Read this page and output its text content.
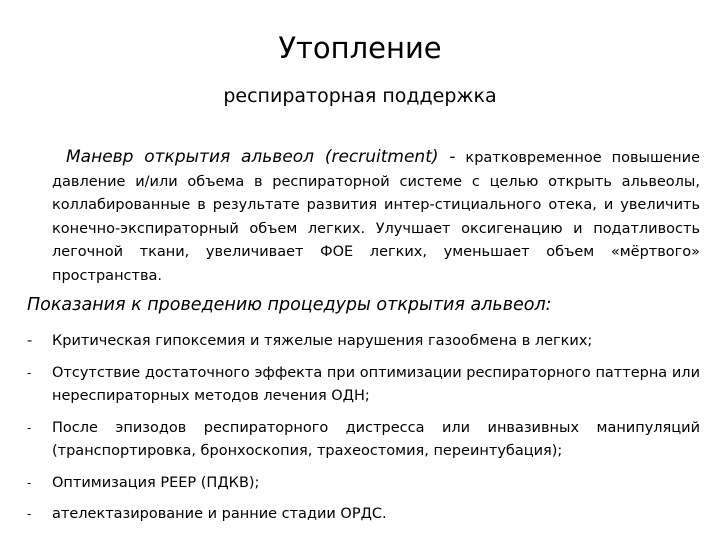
Утопление
респираторная поддержка
Маневр открытия альвеол (recruitment) - кратковременное повышение давление и/или объема в респираторной системе с целью открыть альвеолы, коллабированные в результате развития интер-стициального отека, и увеличить конечно-экспираторный объем легких. Улучшает оксигенацию и податливость легочной ткани, увеличивает ФОЕ легких, уменьшает объем «мёртвого» пространства.
Показания к проведению процедуры открытия альвеол:
- Критическая гипоксемия и тяжелые нарушения газообмена в легких;
- Отсутствие достаточного эффекта при оптимизации респираторного паттерна или нереспираторных методов лечения ОДН;
- После эпизодов респираторного дистресса или инвазивных манипуляций (транспортировка, бронхоскопия, трахеостомия, переинтубация);
- Оптимизация PEEP (ПДКВ);
- ателектазирование и ранние стадии ОРДС.
